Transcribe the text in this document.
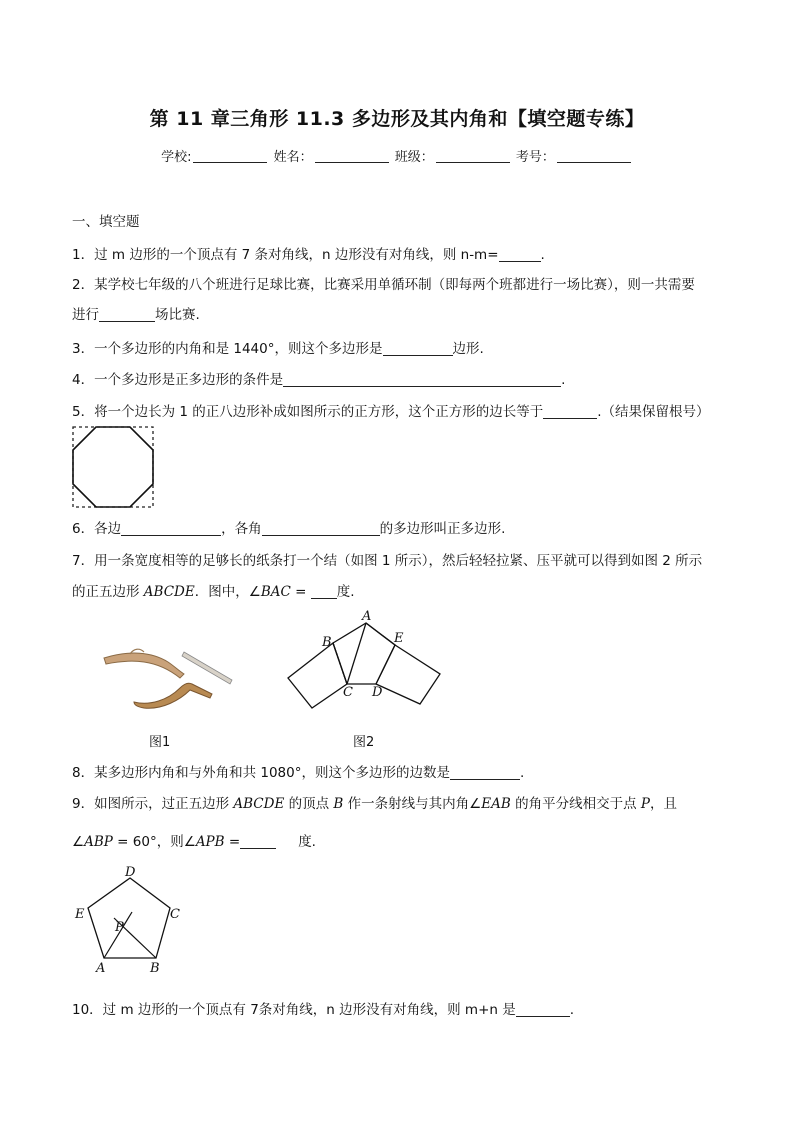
第 11 章三角形 11.3 多边形及其内角和【填空题专练】
学校:	姓名：	班级：	考号：
一、填空题
1．过 m 边形的一个顶点有 7 条对角线，n 边形没有对角线，则 n-m=	.
2．某学校七年级的八个班进行足球比赛，比赛采用单循环制（即每两个班都进行一场比赛），则一共需要
进行	场比赛.
3．一个多边形的内角和是 1440°，则这个多边形是	边形.
4．一个多边形是正多边形的条件是	.
5．将一个边长为 1 的正八边形补成如图所示的正方形，这个正方形的边长等于	.（结果保留根号）
6．各边	，各角	的多边形叫正多边形.
7．用一条宽度相等的足够长的纸条打一个结（如图 1 所示），然后轻轻拉紧、压平就可以得到如图 2 所示
的正五边形 ABCDE．图中，∠BAC = 度.
图1
A
B
C D
E
图2
8．某多边形内角和与外角和共 1080°，则这个多边形的边数是	.
9．如图所示，过正五边形 ABCDE 的顶点 B 作一条射线与其内角∠EAB 的角平分线相交于点 P，且
∠ABP = 60°，则∠APB =	度.
D
C
E
P
A	B
10．过 m 边形的一个顶点有 7条对角线，n 边形没有对角线，则 m+n 是	.
